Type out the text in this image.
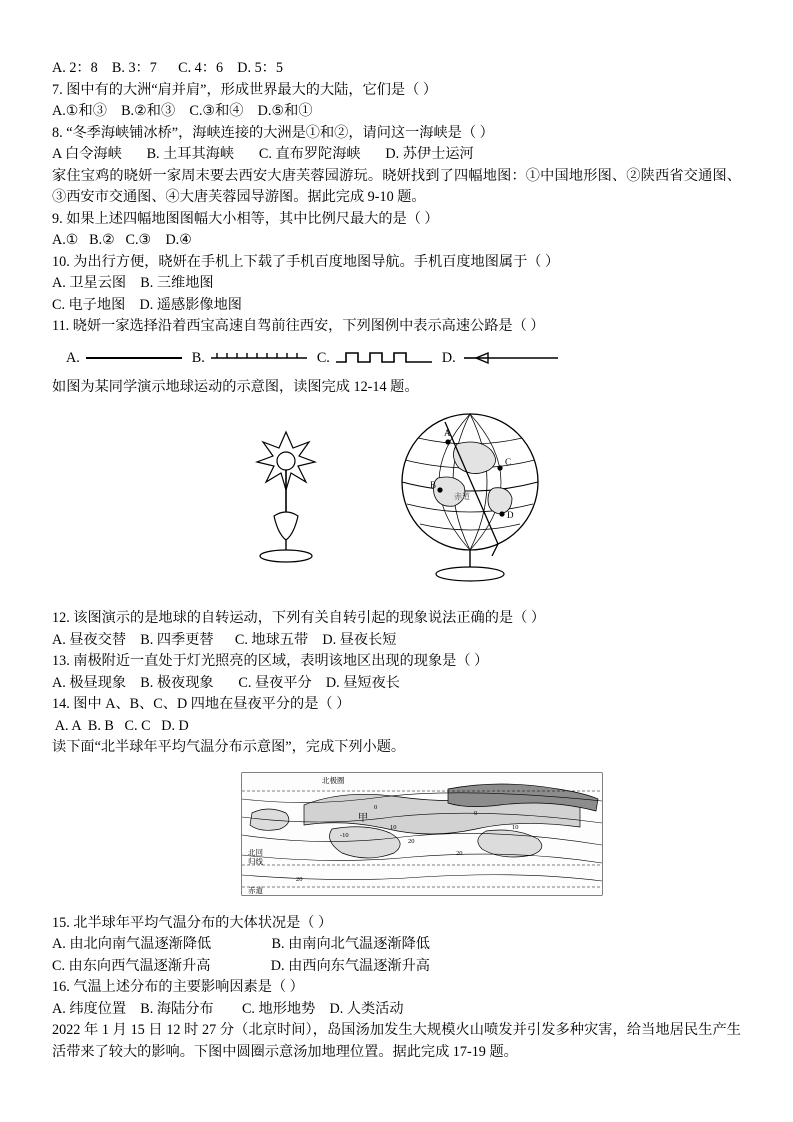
A. 2：8    B. 3：7      C. 4：6    D. 5：5
7. 图中有的大洲“肩并肩”，形成世界最大的大陆，它们是（ ）
A.①和③    B.②和③    C.③和④    D.⑤和①
8. “冬季海峡铺冰桥”，海峡连接的大洲是①和②，请问这一海峡是（ ）
A 白令海峡       B. 土耳其海峡       C. 直布罗陀海峡       D. 苏伊士运河
家住宝鸡的晓妍一家周末要去西安大唐芙蓉园游玩。晓妍找到了四幅地图：①中国地形图、②陕西省交通图、③西安市交通图、④大唐芙蓉园导游图。据此完成 9-10 题。
9. 如果上述四幅地图图幅大小相等，其中比例尺最大的是（ ）
A.①   B.②   C.③    D.④
10. 为出行方便，晓妍在手机上下载了手机百度地图导航。手机百度地图属于（ ）
A. 卫星云图    B. 三维地图
C. 电子地图    D. 遥感影像地图
11. 晓妍一家选择沿着西宝高速自驾前往西安，下列图例中表示高速公路是（ ）
A.	B.	C.	D.
如图为某同学演示地球运动的示意图，读图完成 12-14 题。
A
B
C
D
赤道
12. 该图演示的是地球的自转运动，下列有关自转引起的现象说法正确的是（ ）
A. 昼夜交替    B. 四季更替      C. 地球五带    D. 昼夜长短
13. 南极附近一直处于灯光照亮的区域，表明该地区出现的现象是（ ）
A. 极昼现象    B. 极夜现象       C. 昼夜平分    D. 昼短夜长
14. 图中 A、B、C、D 四地在昼夜平分的是（ ）
A. A  B. B   C. C   D. D
读下面“北半球年平均气温分布示意图”，完成下列小题。
北极圈
北回
归线
赤道
甲
0
10
20
0
10
20
20
-10
15. 北半球年平均气温分布的大体状况是（ ）
A. 由北向南气温逐渐降低                 B. 由南向北气温逐渐降低
C. 由东向西气温逐渐升高                 D. 由西向东气温逐渐升高
16. 气温上述分布的主要影响因素是（ ）
A. 纬度位置    B. 海陆分布        C. 地形地势    D. 人类活动
2022 年 1 月 15 日 12 时 27 分（北京时间），岛国汤加发生大规模火山喷发并引发多种灾害，给当地居民生产生活带来了较大的影响。下图中圆圈示意汤加地理位置。据此完成 17-19 题。
